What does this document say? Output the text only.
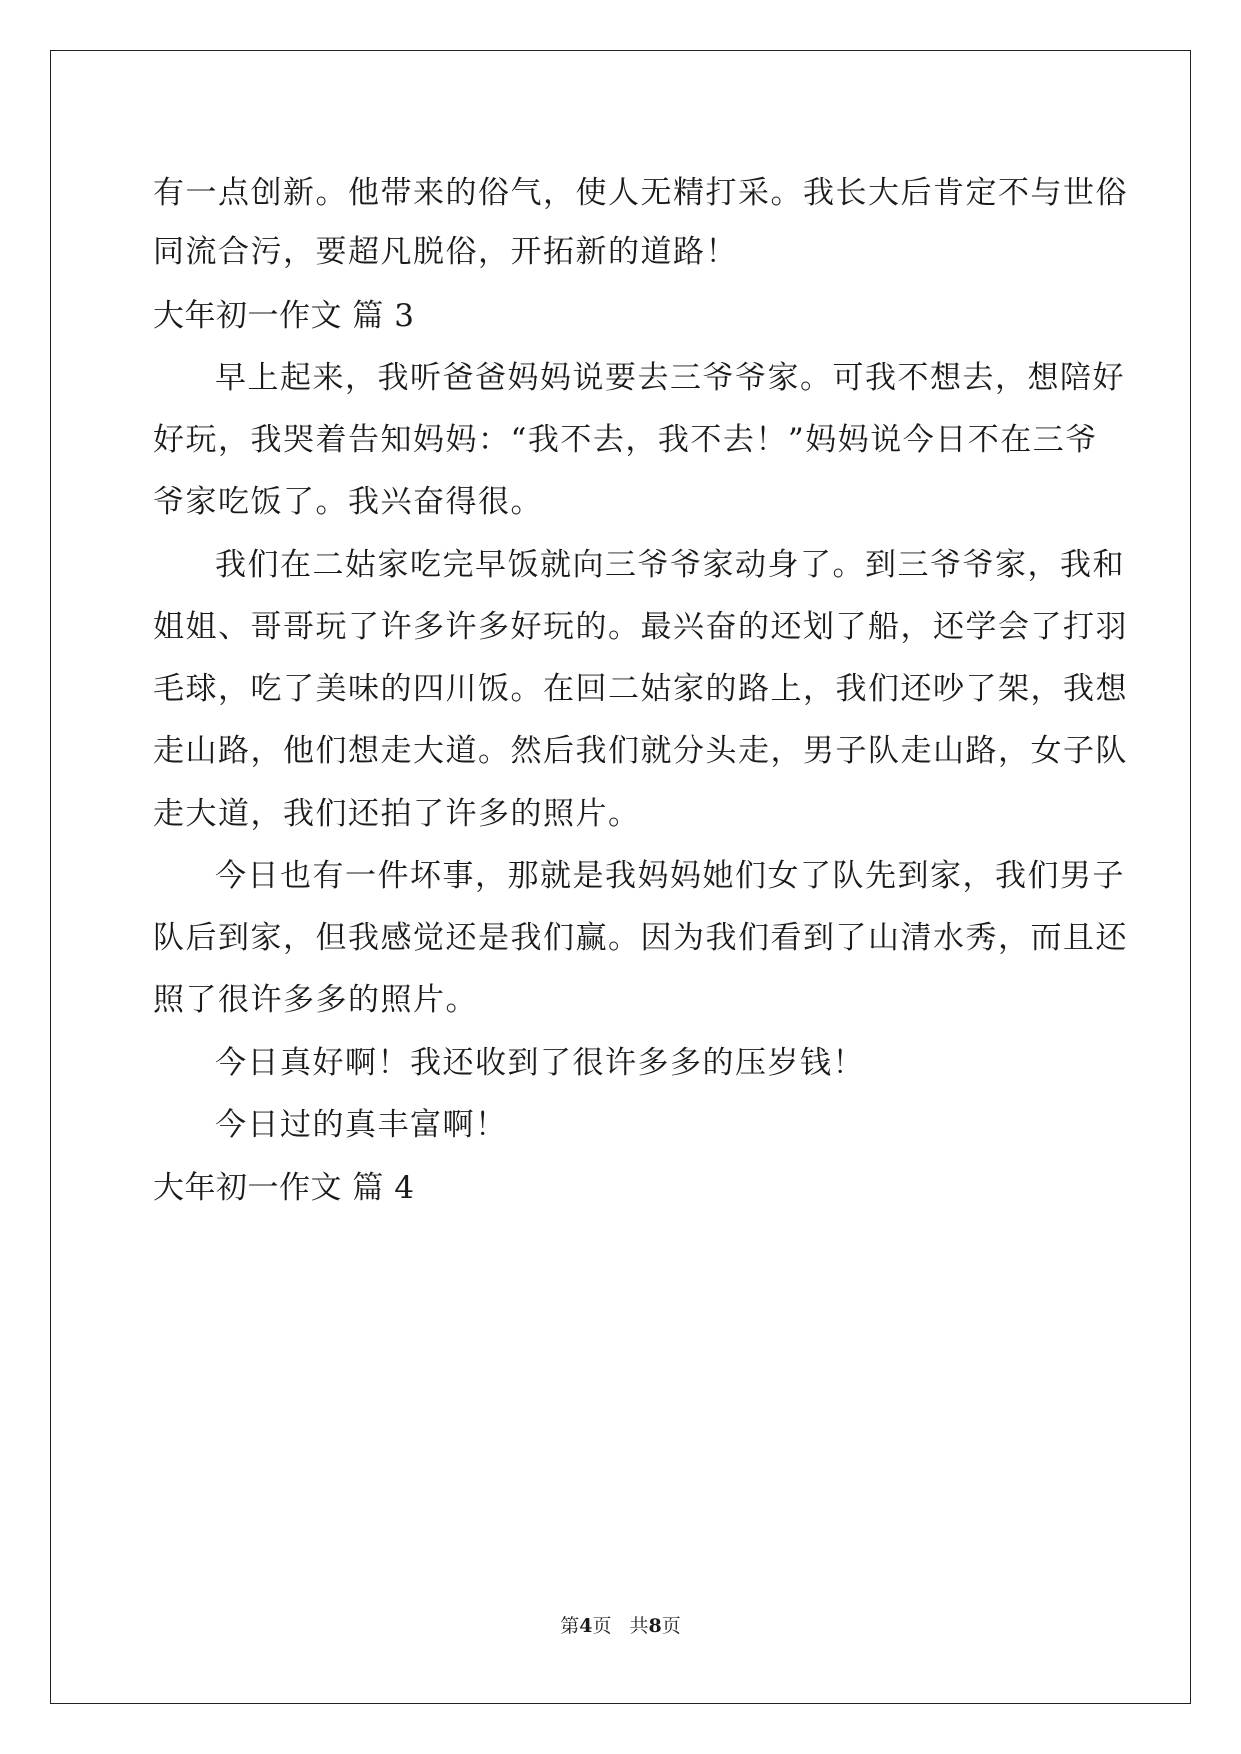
有一点创新。他带来的俗气，使人无精打采。我长大后肯定不与世俗
同流合污，要超凡脱俗，开拓新的道路！
大年初一作文 篇 3
早上起来，我听爸爸妈妈说要去三爷爷家。可我不想去，想陪好
好玩，我哭着告知妈妈：“我不去，我不去！”妈妈说今日不在三爷
爷家吃饭了。我兴奋得很。
我们在二姑家吃完早饭就向三爷爷家动身了。到三爷爷家，我和
姐姐、哥哥玩了许多许多好玩的。最兴奋的还划了船，还学会了打羽
毛球，吃了美味的四川饭。在回二姑家的路上，我们还吵了架，我想
走山路，他们想走大道。然后我们就分头走，男子队走山路，女子队
走大道，我们还拍了许多的照片。
今日也有一件坏事，那就是我妈妈她们女了队先到家，我们男子
队后到家，但我感觉还是我们赢。因为我们看到了山清水秀，而且还
照了很许多多的照片。
今日真好啊！我还收到了很许多多的压岁钱！
今日过的真丰富啊！
大年初一作文 篇 4
第4页 共8页
